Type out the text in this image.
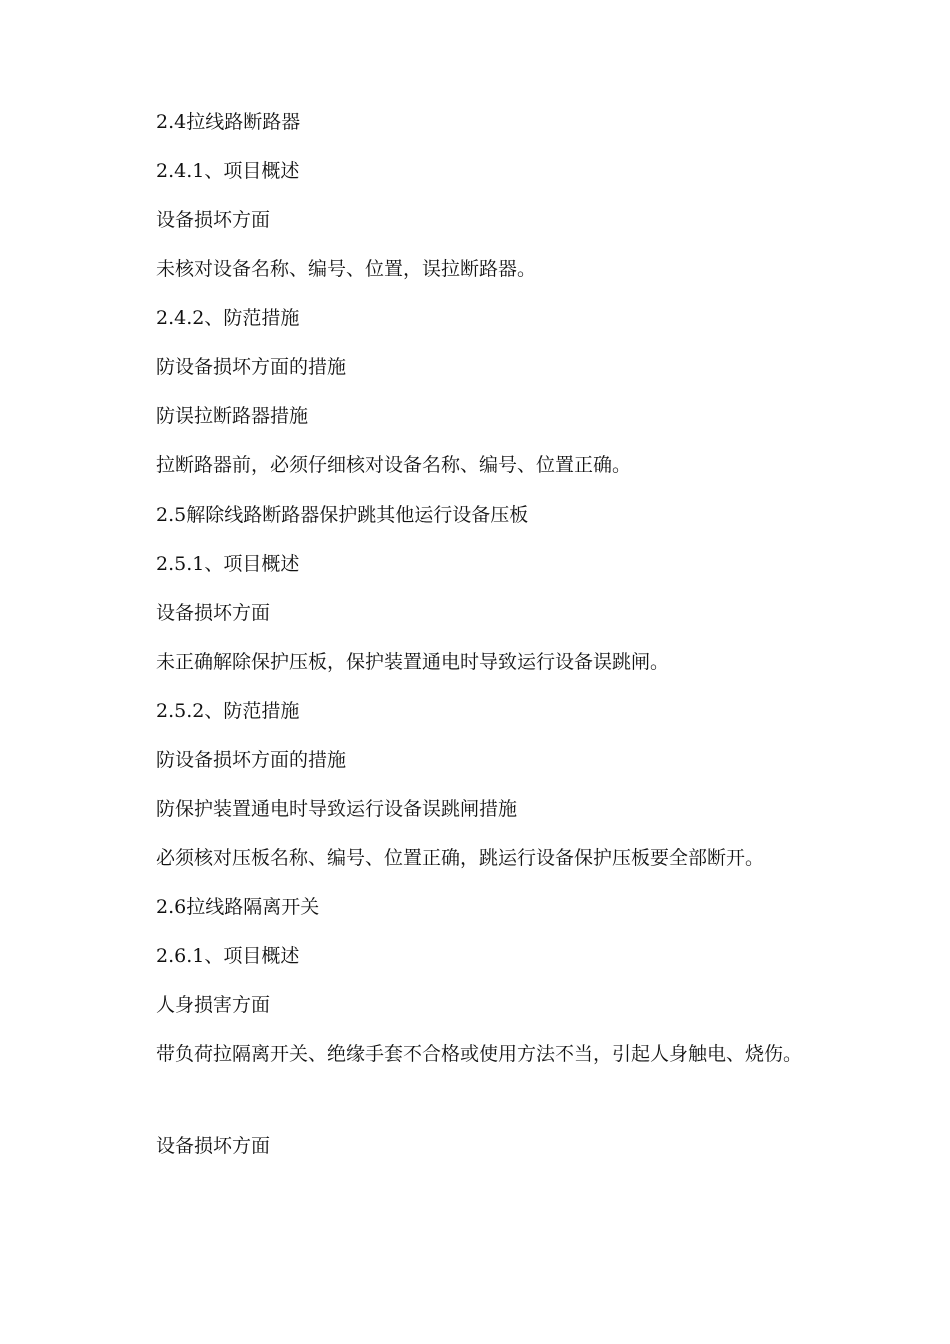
2.4拉线路断路器
2.4.1、项目概述
设备损坏方面
未核对设备名称、编号、位置，误拉断路器。
2.4.2、防范措施
防设备损坏方面的措施
防误拉断路器措施
拉断路器前，必须仔细核对设备名称、编号、位置正确。
2.5解除线路断路器保护跳其他运行设备压板
2.5.1、项目概述
设备损坏方面
未正确解除保护压板，保护装置通电时导致运行设备误跳闸。
2.5.2、防范措施
防设备损坏方面的措施
防保护装置通电时导致运行设备误跳闸措施
必须核对压板名称、编号、位置正确，跳运行设备保护压板要全部断开。
2.6拉线路隔离开关
2.6.1、项目概述
人身损害方面
带负荷拉隔离开关、绝缘手套不合格或使用方法不当，引起人身触电、烧伤。
设备损坏方面
